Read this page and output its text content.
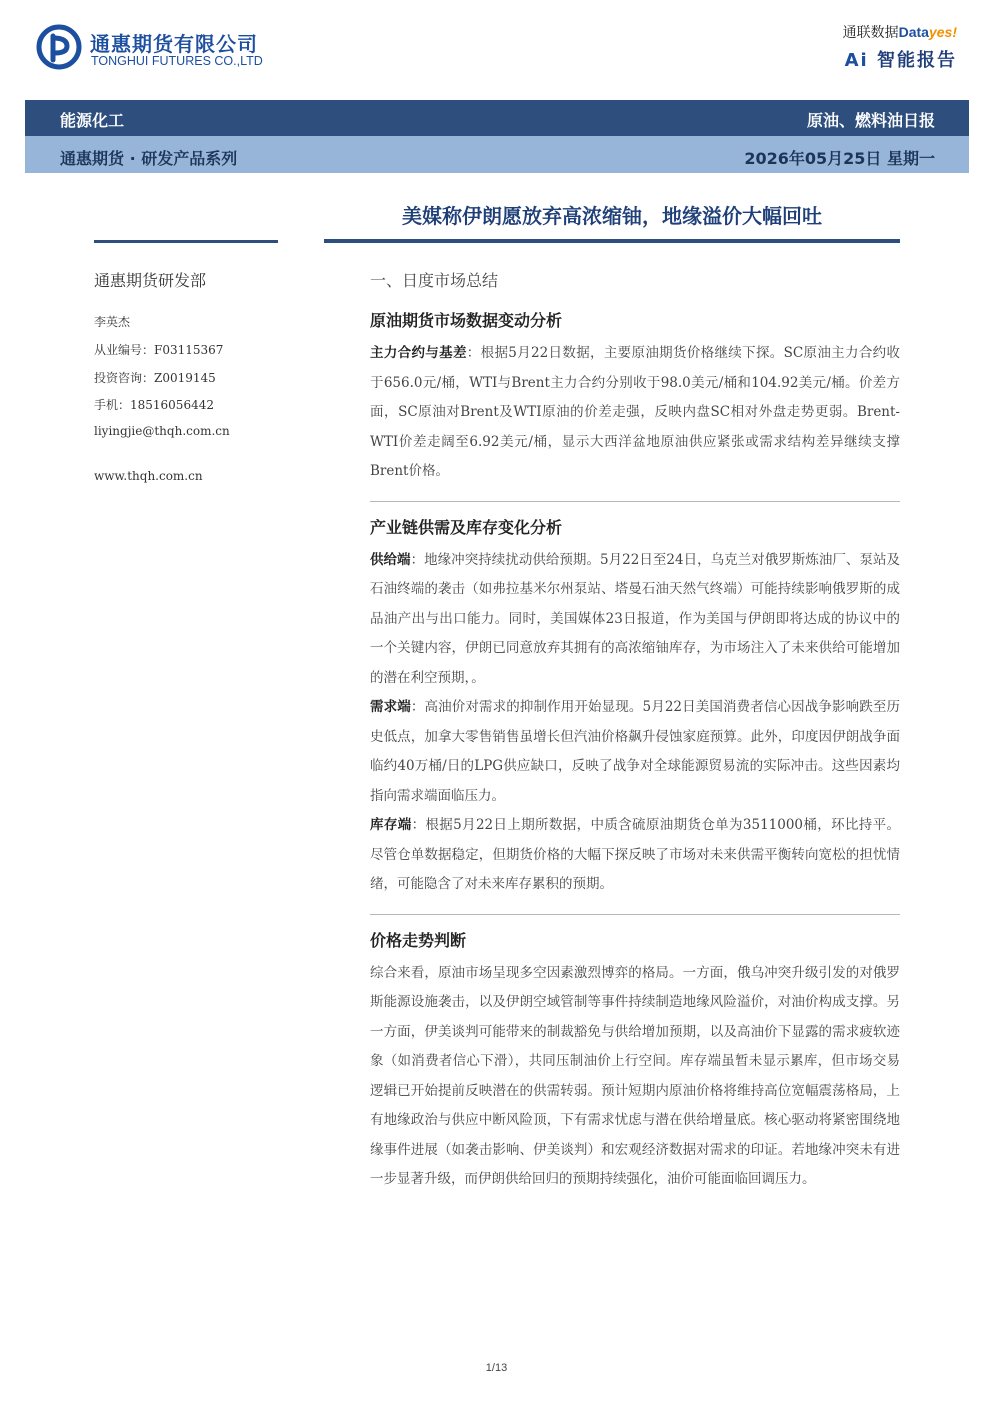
通惠期货有限公司
TONGHUI FUTURES CO.,LTD
通联数据Datayes!
Ai 智能报告
能源化工	原油、燃料油日报
通惠期货 · 研发产品系列	2026年05月25日 星期一
美媒称伊朗愿放弃高浓缩铀，地缘溢价大幅回吐
通惠期货研发部
李英杰
从业编号：F03115367
投资咨询：Z0019145
手机：18516056442
liyingjie@thqh.com.cn
www.thqh.com.cn
一、日度市场总结
原油期货市场数据变动分析

主力合约与基差：根据5月22日数据，主要原油期货价格继续下探。SC原油主力合约收于656.0元/桶，WTI与Brent主力合约分别收于98.0美元/桶和104.92美元/桶。价差方面，SC原油对Brent及WTI原油的价差走强，反映内盘SC相对外盘走势更弱。Brent-WTI价差走阔至6.92美元/桶，显示大西洋盆地原油供应紧张或需求结构差异继续支撑Brent价格。

产业链供需及库存变化分析

供给端：地缘冲突持续扰动供给预期。5月22日至24日，乌克兰对俄罗斯炼油厂、泵站及石油终端的袭击（如弗拉基米尔州泵站、塔曼石油天然气终端）可能持续影响俄罗斯的成品油产出与出口能力。同时，美国媒体23日报道，作为美国与伊朗即将达成的协议中的一个关键内容，伊朗已同意放弃其拥有的高浓缩铀库存，为市场注入了未来供给可能增加的潜在利空预期，。

需求端：高油价对需求的抑制作用开始显现。5月22日美国消费者信心因战争影响跌至历史低点，加拿大零售销售虽增长但汽油价格飙升侵蚀家庭预算。此外，印度因伊朗战争面临约40万桶/日的LPG供应缺口，反映了战争对全球能源贸易流的实际冲击。这些因素均指向需求端面临压力。

库存端：根据5月22日上期所数据，中质含硫原油期货仓单为3511000桶，环比持平。尽管仓单数据稳定，但期货价格的大幅下探反映了市场对未来供需平衡转向宽松的担忧情绪，可能隐含了对未来库存累积的预期。

价格走势判断

综合来看，原油市场呈现多空因素激烈博弈的格局。一方面，俄乌冲突升级引发的对俄罗斯能源设施袭击，以及伊朗空域管制等事件持续制造地缘风险溢价，对油价构成支撑。另一方面，伊美谈判可能带来的制裁豁免与供给增加预期，以及高油价下显露的需求疲软迹象（如消费者信心下滑），共同压制油价上行空间。库存端虽暂未显示累库，但市场交易逻辑已开始提前反映潜在的供需转弱。预计短期内原油价格将维持高位宽幅震荡格局，上有地缘政治与供应中断风险顶，下有需求忧虑与潜在供给增量底。核心驱动将紧密围绕地缘事件进展（如袭击影响、伊美谈判）和宏观经济数据对需求的印证。若地缘冲突未有进一步显著升级，而伊朗供给回归的预期持续强化，油价可能面临回调压力。

1/13
